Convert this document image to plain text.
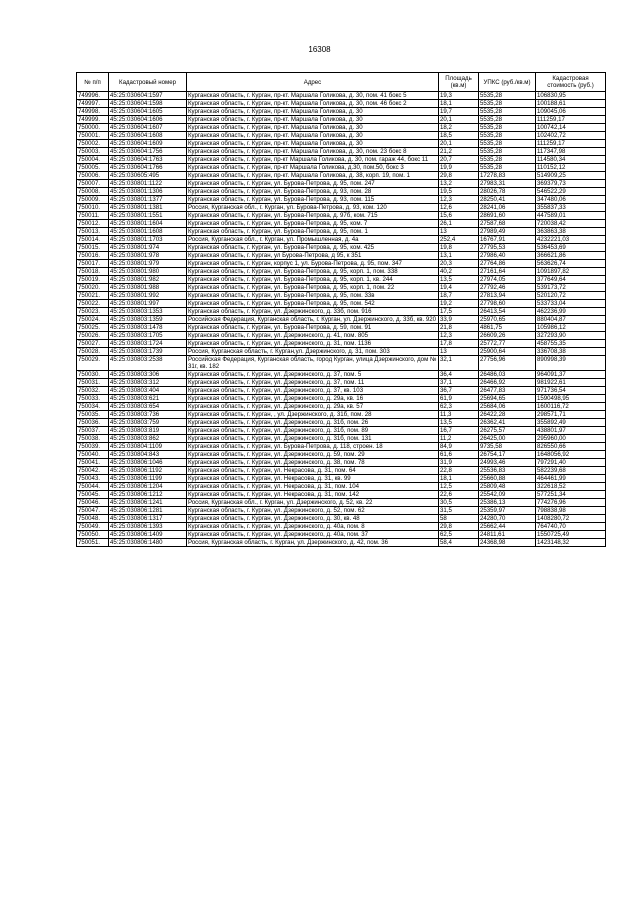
16308
№ п/п	Кадастровый номер	Адрес	Площадь (кв.м)	УПКС (руб./кв.м)	Кадастровая стоимость (руб.)
749996.	45:25:030604:1597	Курганская область, г. Курган, пр-кт. Маршала Голикова, д. 30, пом. 41 бокс 5	19,3	5535,28	106830,95
749997.	45:25:030604:1598	Курганская область, г. Курган, пр-кт. Маршала Голикова, д. 30, пом. 46 бокс 2	18,1	5535,28	100188,61
749998.	45:25:030604:1605	Курганская область, г. Курган, пр-кт. Маршала Голикова, д. 30	19,7	5535,28	109045,06
749999.	45:25:030604:1606	Курганская область, г. Курган, пр-кт. Маршала Голикова, д. 30	20,1	5535,28	111259,17
750000.	45:25:030604:1607	Курганская область, г. Курган, пр-кт. Маршала Голикова, д. 30	18,2	5535,28	100742,14
750001.	45:25:030604:1608	Курганская область, г. Курган, пр-кт. Маршала Голикова, д. 30	18,5	5535,28	102402,72
750002.	45:25:030604:1609	Курганская область, г. Курган, пр-кт. Маршала Голикова, д. 30	20,1	5535,28	111259,17
750003.	45:25:030604:1756	Курганская область, г. Курган, пр-кт. Маршала Голикова, д. 30, пом. 23 бокс 8	21,2	5535,28	117347,98
750004.	45:25:030604:1763	Курганская область, г. Курган, пр-кт Маршала Голикова, д. 30, пом. гараж 44, бокс 11	20,7	5535,28	114580,34
750005.	45:25:030604:1766	Курганская область, г. Курган, пр-кт Маршала Голикова, д.30, пом.50, бокс 3	19,9	5535,28	110152,12
750006.	45:25:030605:495	Курганская область, г. Курган, пр-кт. Маршала Голикова, д. 38, корп. 19, пом. 1	29,8	17278,83	514909,25
750007.	45:25:030801:1122	Курганская область, г. Курган, ул. Бурова-Петрова, д. 95, пом. 247	13,2	27983,31	369379,73
750008.	45:25:030801:1306	Курганская область, г. Курган, ул. Бурова-Петрова, д. 93, пом. 28	19,5	28026,78	546522,29
750009.	45:25:030801:1377	Курганская область, г. Курган, ул. Бурова-Петрова, д. 93, пом. 115	12,3	28250,41	347480,06
750010.	45:25:030801:1381	Россия, Курганская обл., г. Курган, ул. Бурова-Петрова, д. 93, ком. 120	12,6	28241,06	355837,33
750011.	45:25:030801:1551	Курганская область, г. Курган, ул. Бурова-Петрова, д. 97б, ком. 715	15,6	28691,60	447589,01
750012.	45:25:030801:1604	Курганская область, г. Курган, ул. Бурова-Петрова, д. 95, ком. 7	26,1	27587,68	720038,42
750013.	45:25:030801:1608	Курганская область, г. Курган, ул. Бурова-Петрова, д. 95, пом. 1	13	27989,49	363863,38
750014.	45:25:030801:1703	Россия, Курганская обл., г. Курган, ул. Промышленная, д. 4а	252,4	16767,91	4232221,03
750015.	45:25:030801:974	Курганская область, г. Курган, ул. Бурова-Петрова, д. 95, ком. 425	19,8	27795,53	536453,69
750016.	45:25:030801:978	Курганская область, г. Курган, ул Бурова-Петрова, д 95, к 351	13,1	27986,40	366621,86
750017.	45:25:030801:979	Курганская область, г. Курган, корпус 1, ул. Бурова-Петрова, д. 95, пом. 347	20,3	27764,86	563626,74
750018.	45:25:030801:980	Курганская область, г. Курган, ул. Бурова-Петрова, д. 95, корп. 1, пом. 338	40,2	27161,64	1091897,82
750019.	45:25:030801:982	Курганская область, г. Курган, ул. Бурова-Петрова, д. 95, корп. 1, кв. 244	13,5	27974,05	377649,64
750020.	45:25:030801:988	Курганская область, г. Курган, ул. Бурова-Петрова, д. 95, корп. 1, пом. 22	19,4	27792,46	539173,72
750021.	45:25:030801:992	Курганская область, г. Курган, ул. Бурова-Петрова, д. 95, пом. 33в	18,7	27813,94	520120,72
750022.	45:25:030801:997	Курганская область, г. Курган, ул. Бурова-Петрова, д. 95, пом. 542	19,2	27798,60	533733,04
750023.	45:25:030803:1353	Курганская область, г. Курган, ул. Дзержинского, д. 33б, пом. 916	17,5	26413,54	462236,99
750024.	45:25:030803:1359	Российская Федерация, Курганская область, г. Курган, ул. Дзержинского, д. 33б, кв. 920	33,9	25970,65	880404,87
750025.	45:25:030803:1478	Курганская область, г. Курган, ул. Бурова-Петрова, д. 59, пом. 91	21,8	4861,75	105986,12
750026.	45:25:030803:1705	Курганская область, г. Курган, ул. Дзержинского, д. 41, пом. 805	12,3	26609,26	327293,90
750027.	45:25:030803:1724	Курганская область, г. Курган, ул. Дзержинского, д. 31, пом. 1136	17,8	25772,77	458755,35
750028.	45:25:030803:1739	Россия, Курганская область, г. Курган,ул. Дзержинского, д. 31, пом. 303	13	25900,64	336708,38
750029.	45:25:030803:2538	Российская Федерация, Курганская область, город Курган, улица Дзержинского, дом № 31г, кв. 182	32,1	27756,96	890998,39
750030.	45:25:030803:306	Курганская область, г. Курган, ул. Дзержинского, д. 37, пом. 5	36,4	26486,03	964091,37
750031.	45:25:030803:312	Курганская область, г. Курган, ул. Дзержинского, д. 37, пом. 11	37,1	26466,92	981922,61
750032.	45:25:030803:404	Курганская область, г. Курган, ул. Дзержинского, д. 37, кв. 103	36,7	26477,83	971736,54
750033.	45:25:030803:621	Курганская область, г. Курган, ул. Дзержинского, д. 29а, кв. 16	61,9	25694,65	1590498,95
750034.	45:25:030803:654	Курганская область, г. Курган, ул. Дзержинского, д. 29а, кв. 57	62,3	25684,06	1600116,72
750035.	45:25:030803:736	Курганская область, г. Курган, , ул. Дзержинского, д. 31б, пом. 28	11,3	26422,28	298571,71
750036.	45:25:030803:759	Курганская область, г. Курган, ул. Дзержинского, д. 31б, пом. 26	13,5	26362,41	355892,49
750037.	45:25:030803:819	Курганская область, г. Курган, ул. Дзержинского, д. 31б, пом. 89	16,7	26275,57	438801,97
750038.	45:25:030803:862	Курганская область, г. Курган, ул. Дзержинского, д. 31б, пом. 131	11,2	26425,00	295960,00
750039.	45:25:030804:1109	Курганская область, г. Курган, ул. Бурова-Петрова, д. 118, строен. 18	84,9	9735,58	826550,66
750040.	45:25:030804:843	Курганская область, г. Курган, ул. Дзержинского, д. 59, пом. 29	61,6	26754,17	1648056,92
750041.	45:25:030806:1046	Курганская область, г. Курган, ул. Дзержинского, д. 38, пом. 78	31,9	24993,46	797291,40
750042.	45:25:030806:1192	Курганская область, г. Курган, ул. Некрасова, д. 31, пом. 64	22,8	25536,83	582239,68
750043.	45:25:030806:1199	Курганская область, г. Курган, ул. Некрасова, д. 31, кв. 99	18,1	25660,88	464461,99
750044.	45:25:030806:1204	Курганская область, г. Курган, ул. Некрасова, д. 31, пом. 104	12,5	25809,48	322618,52
750045.	45:25:030806:1212	Курганская область, г. Курган, ул. Некрасова, д. 31, пом. 142	22,6	25542,09	577251,34
750046.	45:25:030806:1241	Россия, Курганская обл., г. Курган, ул. Дзержинского, д. 52, кв. 22	30,5	25386,13	774276,96
750047.	45:25:030806:1281	Курганская область, г. Курган, ул. Дзержинского, д. 52, пом. 62	31,5	25359,97	798838,98
750048.	45:25:030806:1317	Курганская область, г. Курган, ул. Дзержинского, д. 30, кв. 48	58	24280,70	1408280,72
750049.	45:25:030806:1393	Курганская область, г. Курган, ул. Дзержинского, д. 40а, пом. 8	29,8	25662,44	764740,70
750050.	45:25:030806:1409	Курганская область, г. Курган, ул. Дзержинского, д. 40а, пом. 37	62,5	24811,61	1550725,49
750051.	45:25:030806:1480	Россия, Курганская область, г. Курган, ул. Дзержинского, д. 42, пом. 36	58,4	24368,98	1423148,32
